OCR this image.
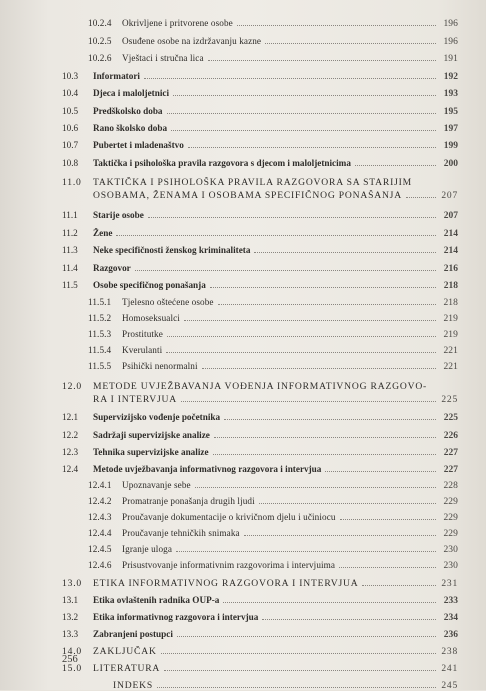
10.2.4	Okrivljene i pritvorene osobe	196
10.2.5	Osuđene osobe na izdržavanju kazne	196
10.2.6	Vještaci i stručna lica	191
10.3	Informatori	192
10.4	Djeca i maloljetnici	193
10.5	Predškolsko doba	195
10.6	Rano školsko doba	197
10.7	Pubertet i mladenaštvo	199
10.8	Taktička i psihološka pravila razgovora s djecom i maloljetnicima	200
11.0	TAKTIČKA I PSIHOLOŠKA PRAVILA RAZGOVORA SA STARIJIM
OSOBAMA, ŽENAMA I OSOBAMA SPECIFIČNOG PONAŠANJA	207
11.1	Starije osobe	207
11.2	Žene	214
11.3	Neke specifičnosti ženskog kriminaliteta	214
11.4	Razgovor	216
11.5	Osobe specifičnog ponašanja	218
11.5.1	Tjelesno oštećene osobe	218
11.5.2	Homoseksualci	219
11.5.3	Prostitutke	219
11.5.4	Kverulanti	221
11.5.5	Psihički nenormalni	221
12.0	METODE UVJEŽBAVANJA VOĐENJA INFORMATIVNOG RAZGOVO-
RA I INTERVJUA	225
12.1	Supervizijsko vođenje početnika	225
12.2	Sadržaji supervizijske analize	226
12.3	Tehnika supervizijske analize	227
12.4	Metode uvježbavanja informativnog razgovora i intervjua	227
12.4.1	Upoznavanje sebe	228
12.4.2	Promatranje ponašanja drugih ljudi	229
12.4.3	Proučavanje dokumentacije o krivičnom djelu i učiniocu	229
12.4.4	Proučavanje tehničkih snimaka	229
12.4.5	Igranje uloga	230
12.4.6	Prisustvovanje informativnim razgovorima i intervjuima	230
13.0	ETIKA INFORMATIVNOG RAZGOVORA I INTERVJUA	231
13.1	Etika ovlaštenih radnika OUP-a	233
13.2	Etika informativnog razgovora i intervjua	234
13.3	Zabranjeni postupci	236
14.0	ZAKLJUČAK	238
15.0	LITERATURA	241
INDEKS	245
256
